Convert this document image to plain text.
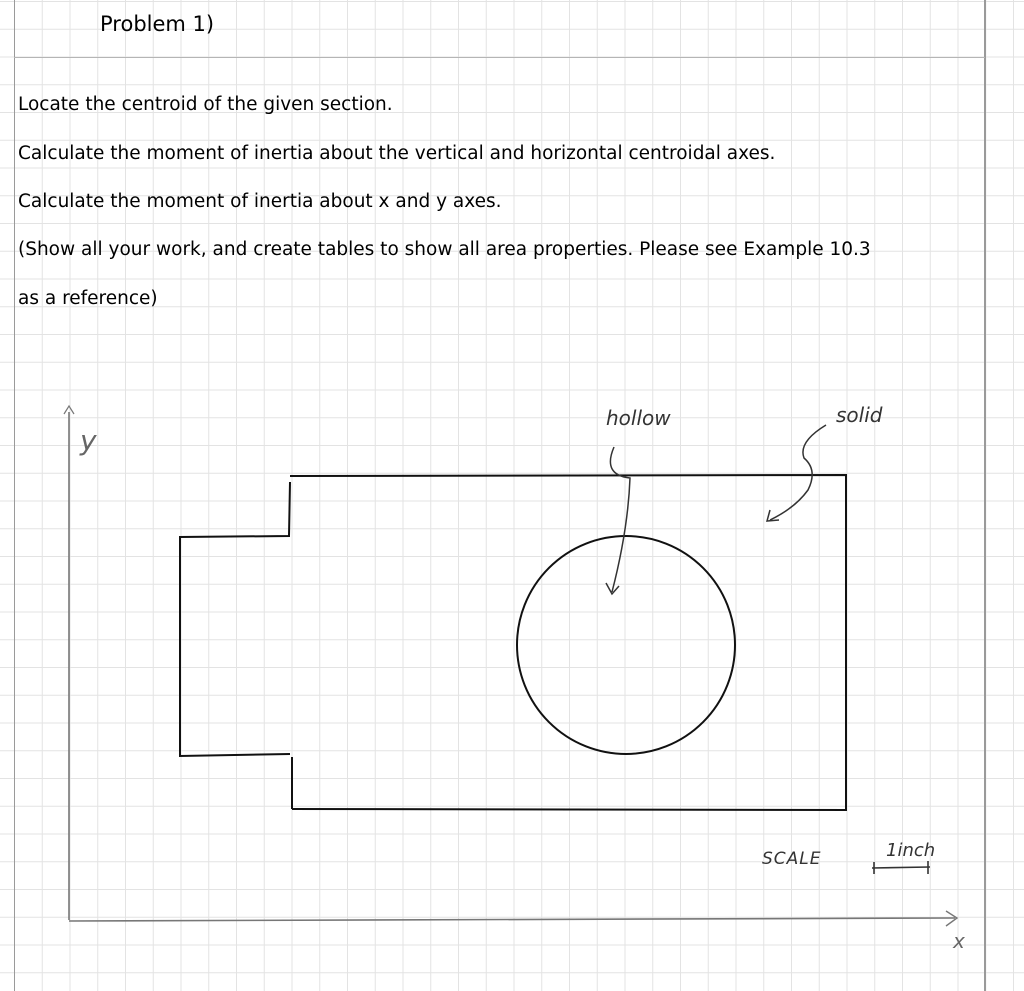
Problem 1)
Locate the centroid of the given section.
Calculate the moment of inertia about the vertical and horizontal centroidal axes.
Calculate the moment of inertia about x and y axes.
(Show all your work, and create tables to show all area properties. Please see Example 10.3
as a reference)
y
x
hollow	solid
SCALE	1inch
